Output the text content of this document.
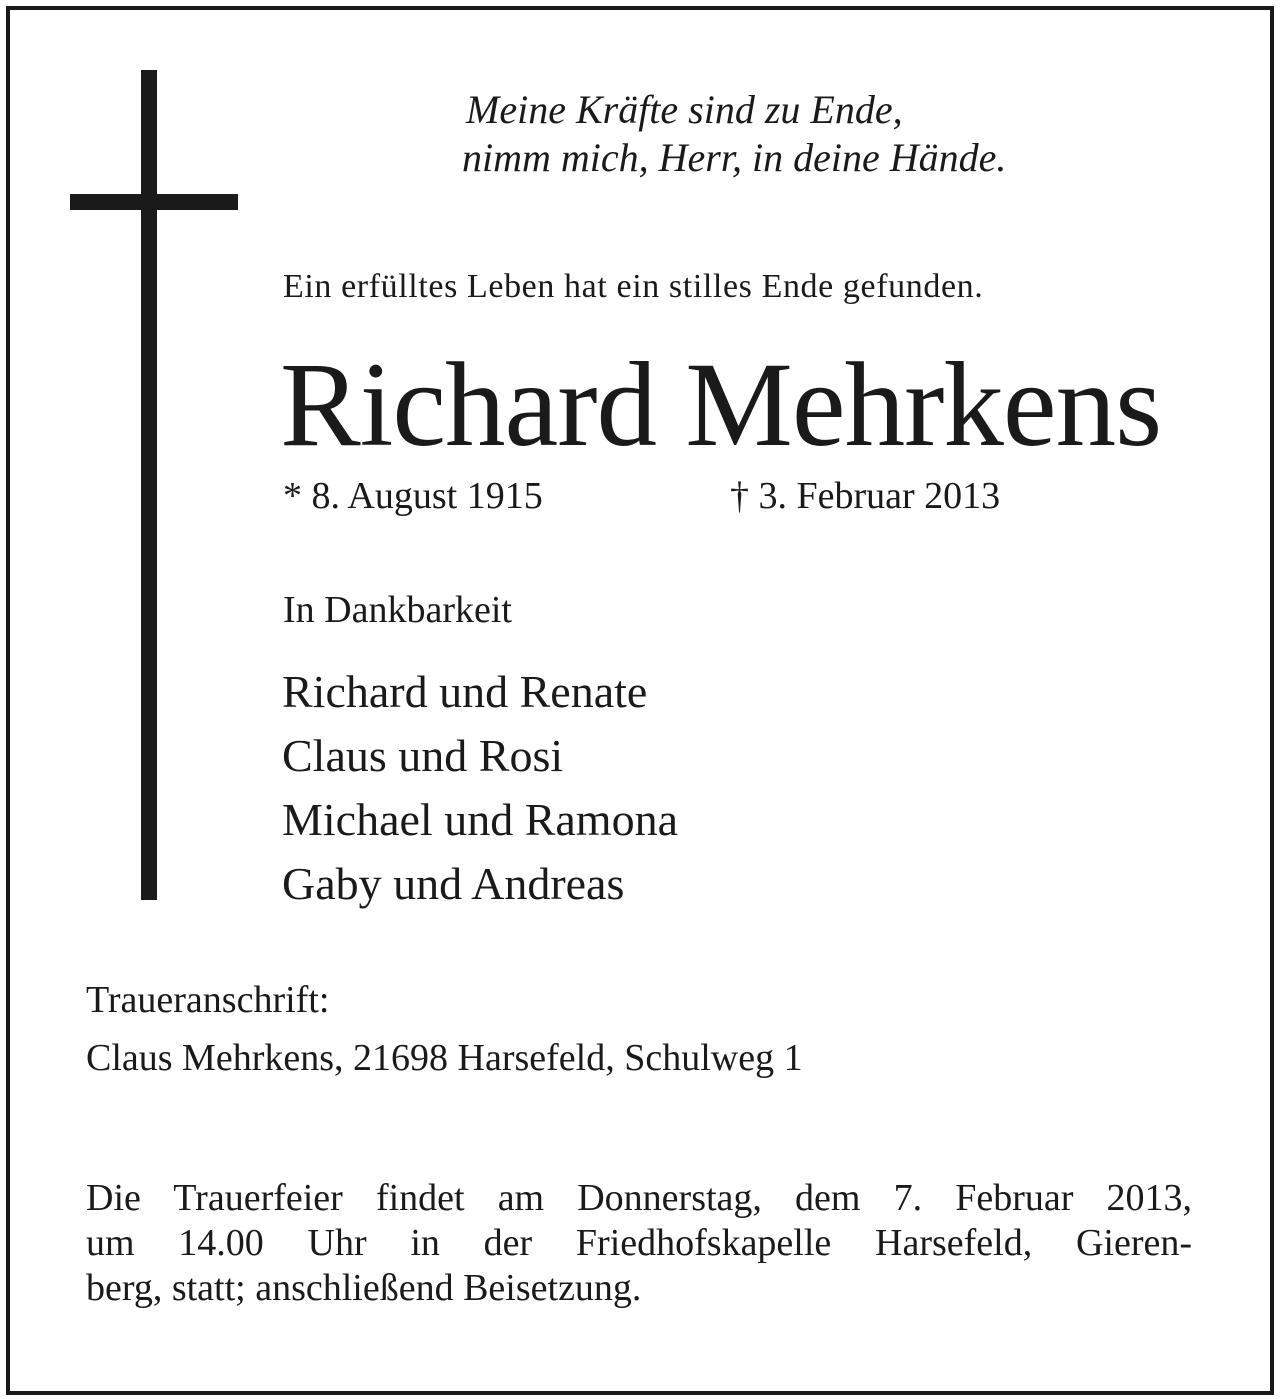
Meine Kräfte sind zu Ende,
nimm mich, Herr, in deine Hände.

Ein erfülltes Leben hat ein stilles Ende gefunden.

Richard Mehrkens

* 8. August 1915	† 3. Februar 2013

In Dankbarkeit

Richard und Renate
Claus und Rosi
Michael und Ramona
Gaby und Andreas

Traueranschrift:

Claus Mehrkens, 21698 Harsefeld, Schulweg 1

Die Trauerfeier findet am Donnerstag, dem 7. Februar 2013,
um 14.00 Uhr in der Friedhofskapelle Harsefeld, Gieren-
berg, statt; anschließend Beisetzung.
